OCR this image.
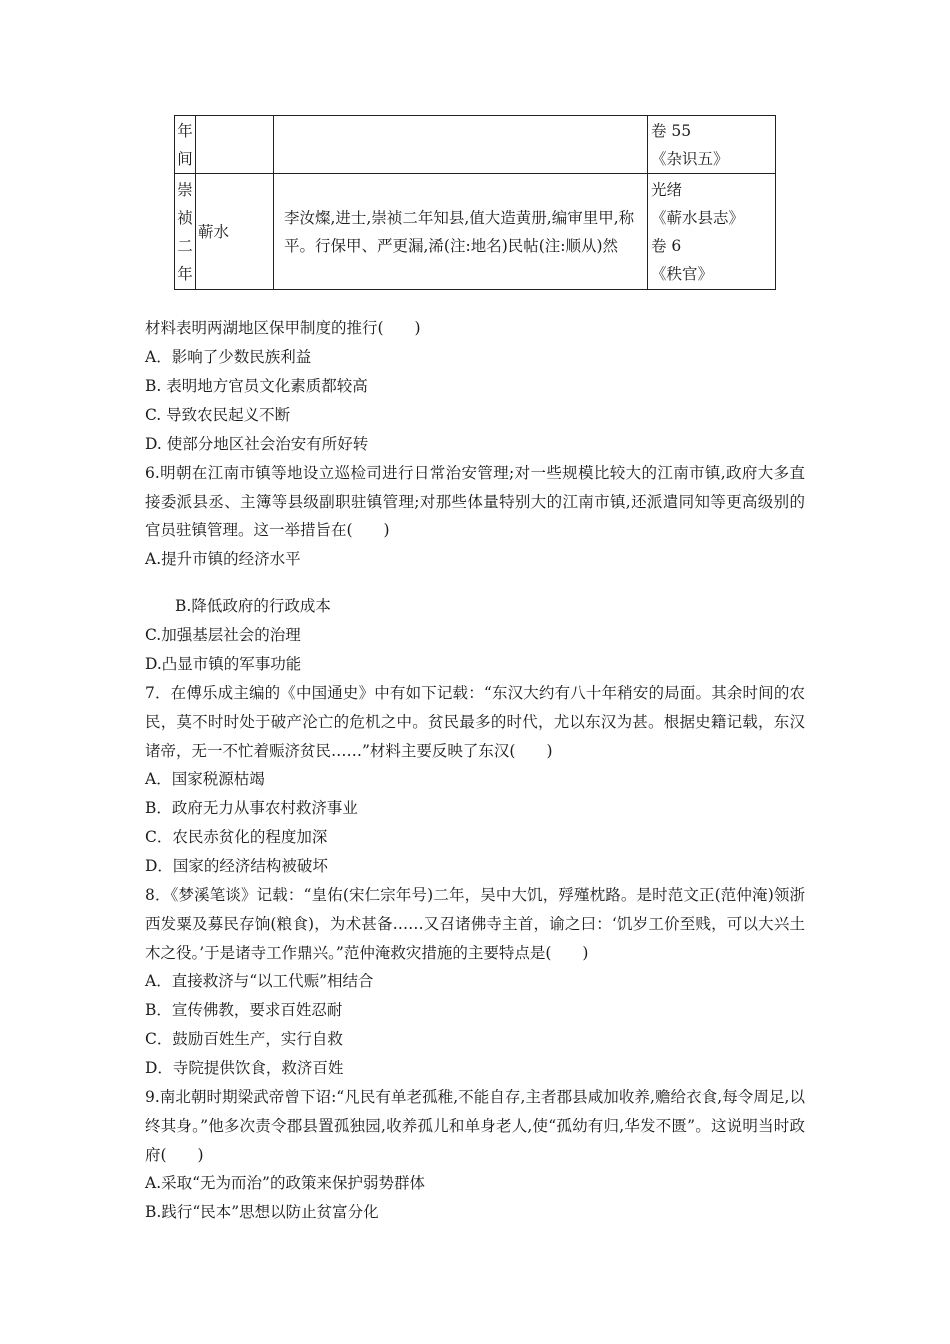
年间			卷 55
《杂识五》

崇祯二年	蕲水	李汝燦,进士,崇祯二年知县,值大造黄册,编审里甲,称平。行保甲、严更漏,浠(注:地名)民帖(注:顺从)然	光绪
《蕲水县志》
卷 6
《秩官》
材料表明两湖地区保甲制度的推行(　　)
A．影响了少数民族利益
B. 表明地方官员文化素质都较高
C. 导致农民起义不断
D. 使部分地区社会治安有所好转
6.明朝在江南市镇等地设立巡检司进行日常治安管理;对一些规模比较大的江南市镇,政府大多直接委派县丞、主簿等县级副职驻镇管理;对那些体量特别大的江南市镇,还派遣同知等更高级别的官员驻镇管理。这一举措旨在(　　)
A.提升市镇的经济水平
B.降低政府的行政成本
C.加强基层社会的治理
D.凸显市镇的军事功能
7．在傅乐成主编的《中国通史》中有如下记载：“东汉大约有八十年稍安的局面。其余时间的农民，莫不时时处于破产沦亡的危机之中。贫民最多的时代，尤以东汉为甚。根据史籍记载，东汉诸帝，无一不忙着赈济贫民……”材料主要反映了东汉(　　)
A．国家税源枯竭
B．政府无力从事农村救济事业
C．农民赤贫化的程度加深
D．国家的经济结构被破坏
8．《梦溪笔谈》记载：“皇佑(宋仁宗年号)二年，吴中大饥，殍殣枕路。是时范文正(范仲淹)领浙西发粟及募民存饷(粮食)，为术甚备……又召诸佛寺主首，谕之曰：‘饥岁工价至贱，可以大兴土木之役。’于是诸寺工作鼎兴。”范仲淹救灾措施的主要特点是(　　)
A．直接救济与“以工代赈”相结合
B．宣传佛教，要求百姓忍耐
C．鼓励百姓生产，实行自救
D．寺院提供饮食，救济百姓
9.南北朝时期梁武帝曾下诏:“凡民有单老孤稚,不能自存,主者郡县咸加收养,赡给衣食,每令周足,以终其身。”他多次责令郡县置孤独园,收养孤儿和单身老人,使“孤幼有归,华发不匮”。这说明当时政府(　　)
A.采取“无为而治”的政策来保护弱势群体
B.践行“民本”思想以防止贫富分化
